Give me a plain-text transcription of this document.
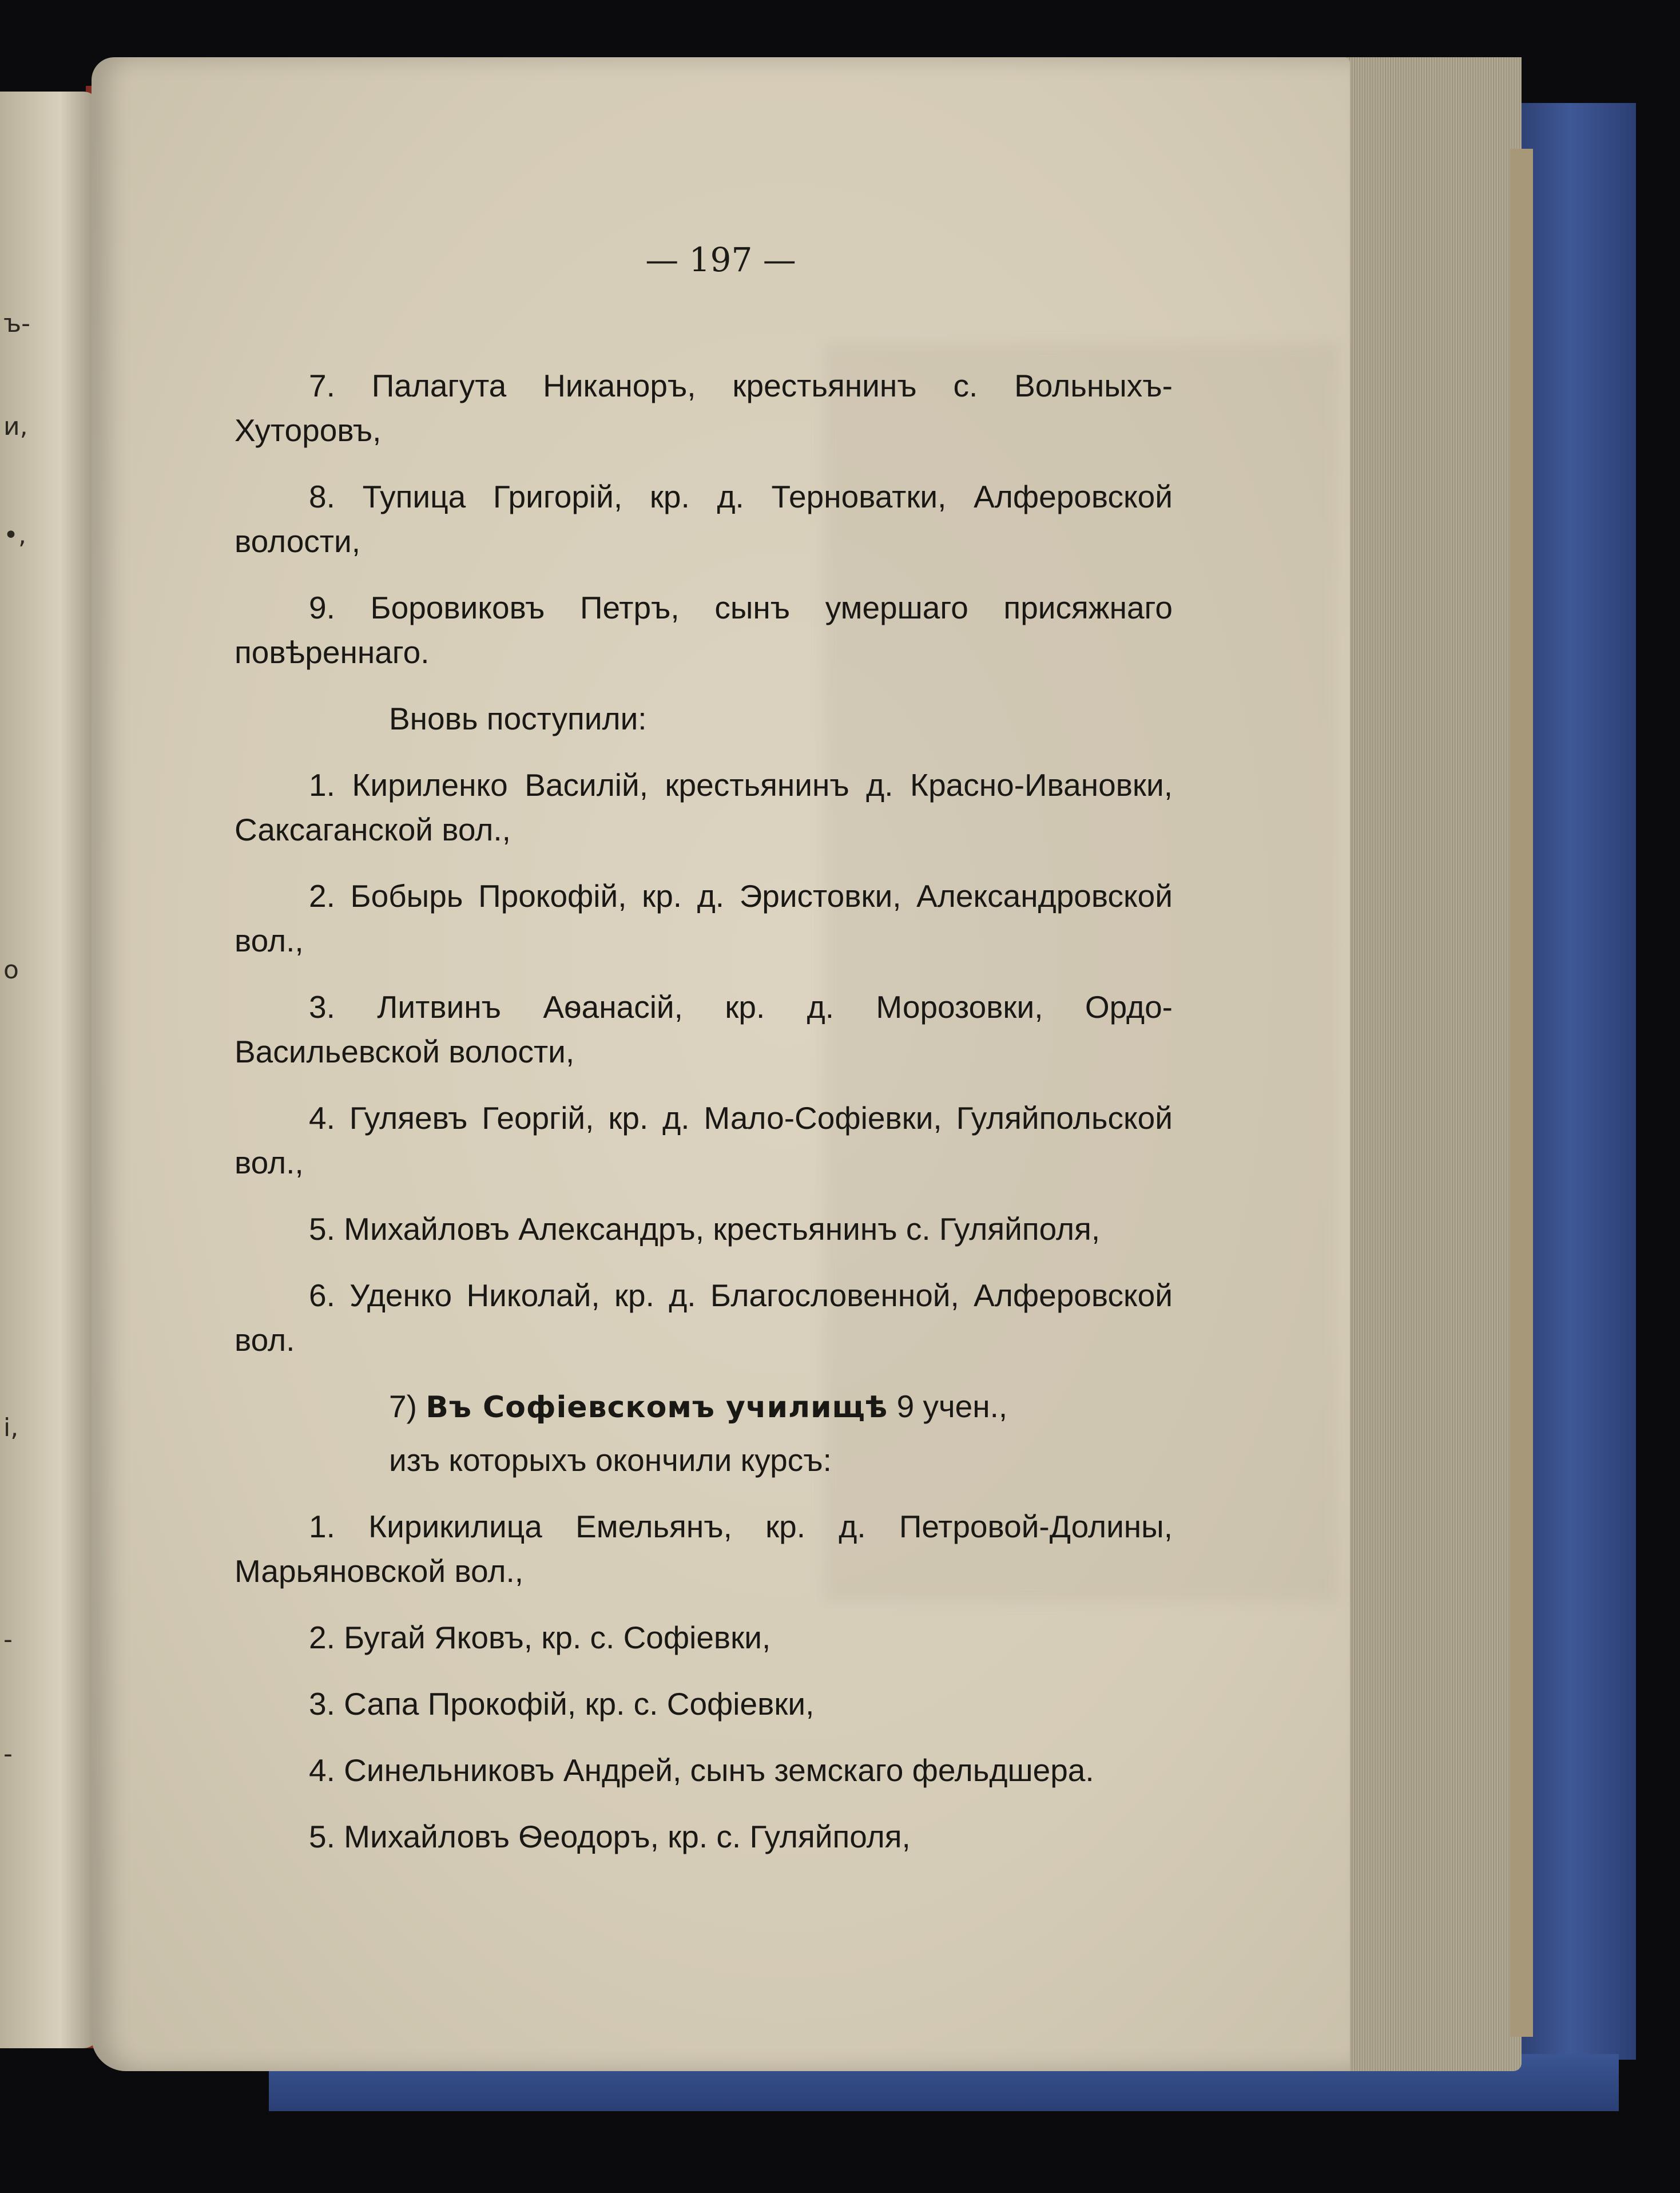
ъ-
и,
•,
о
і,
-
-
— 197 —

7. Палагута Никаноръ, крестьянинъ с. Вольныхъ-Хуторовъ,

8. Тупица Григорій, кр. д. Терноватки, Алферовской волости,

9. Боровиковъ Петръ, сынъ умершаго присяжнаго повѣреннаго.

Вновь поступили:

1. Кириленко Василій, крестьянинъ д. Красно-Ивановки, Саксаганской вол.,

2. Бобырь Прокофій, кр. д. Эристовки, Александровской вол.,

3. Литвинъ Аѳанасій, кр. д. Морозовки, Ордо-Васильевской волости,

4. Гуляевъ Георгій, кр. д. Мало-Софіевки, Гуляйпольской вол.,

5. Михайловъ Александръ, крестьянинъ с. Гуляйполя,

6. Уденко Николай, кр. д. Благословенной, Алферовской вол.

7) Въ Софіевскомъ училищѣ 9 учен.,

изъ которыхъ окончили курсъ:

1. Кирикилица Емельянъ, кр. д. Петровой-Долины, Марьяновской вол.,

2. Бугай Яковъ, кр. с. Софіевки,

3. Сапа Прокофій, кр. с. Софіевки,

4. Синельниковъ Андрей, сынъ земскаго фельдшера.

5. Михайловъ Ѳеодоръ, кр. с. Гуляйполя,
